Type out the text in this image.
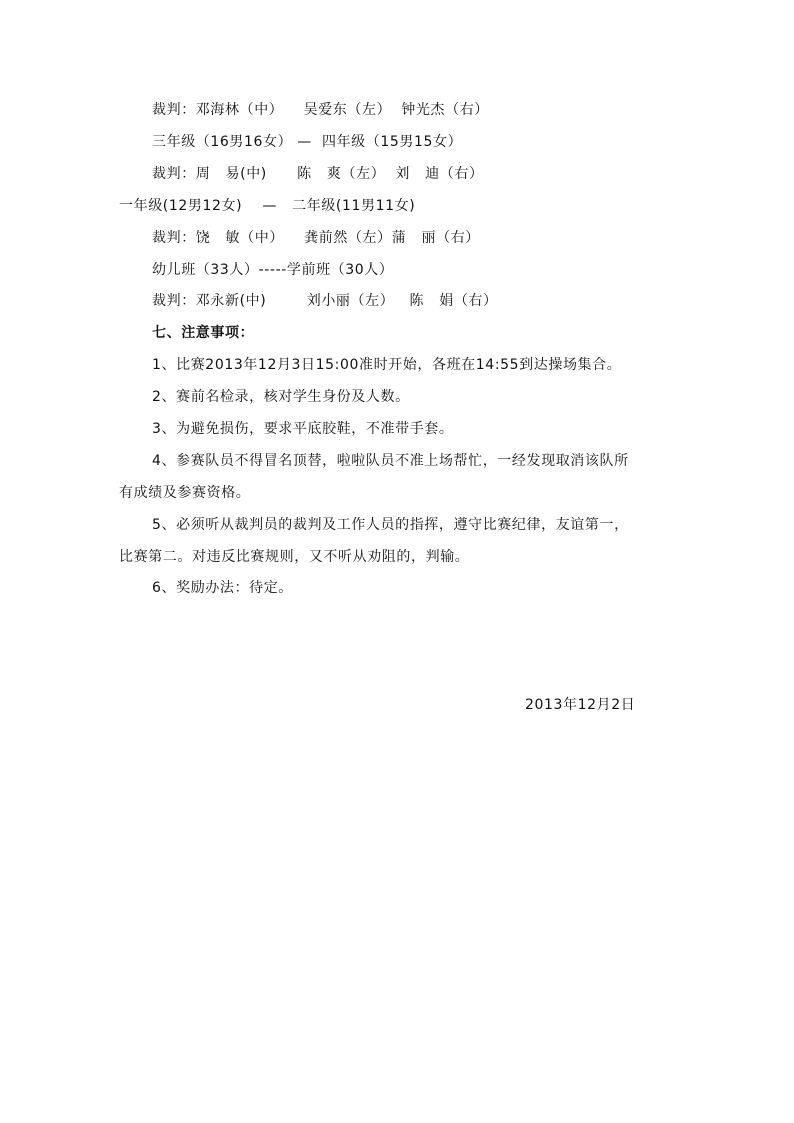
裁判：邓海林（中）    吴爱东（左）  钟光杰（右）
三年级（16男16女） —  四年级（15男15女）
裁判：周   易(中)      陈   爽（左）  刘   迪（右）
一年级(12男12女)    —   二年级(11男11女)
裁判：饶   敏（中）    龚前然（左）蒲   丽（右）
幼儿班（33人）-----学前班（30人）
裁判：邓永新(中)        刘小丽（左）   陈   娟（右）
七、注意事项：
1、比赛2013年12月3日15:00准时开始，各班在14:55到达操场集合。
2、赛前名检录，核对学生身份及人数。
3、为避免损伤，要求平底胶鞋，不准带手套。
4、参赛队员不得冒名顶替，啦啦队员不准上场帮忙，一经发现取消该队所
有成绩及参赛资格。
5、必须听从裁判员的裁判及工作人员的指挥，遵守比赛纪律，友谊第一，
比赛第二。对违反比赛规则，又不听从劝阻的，判输。
6、奖励办法：待定。
2013年12月2日
